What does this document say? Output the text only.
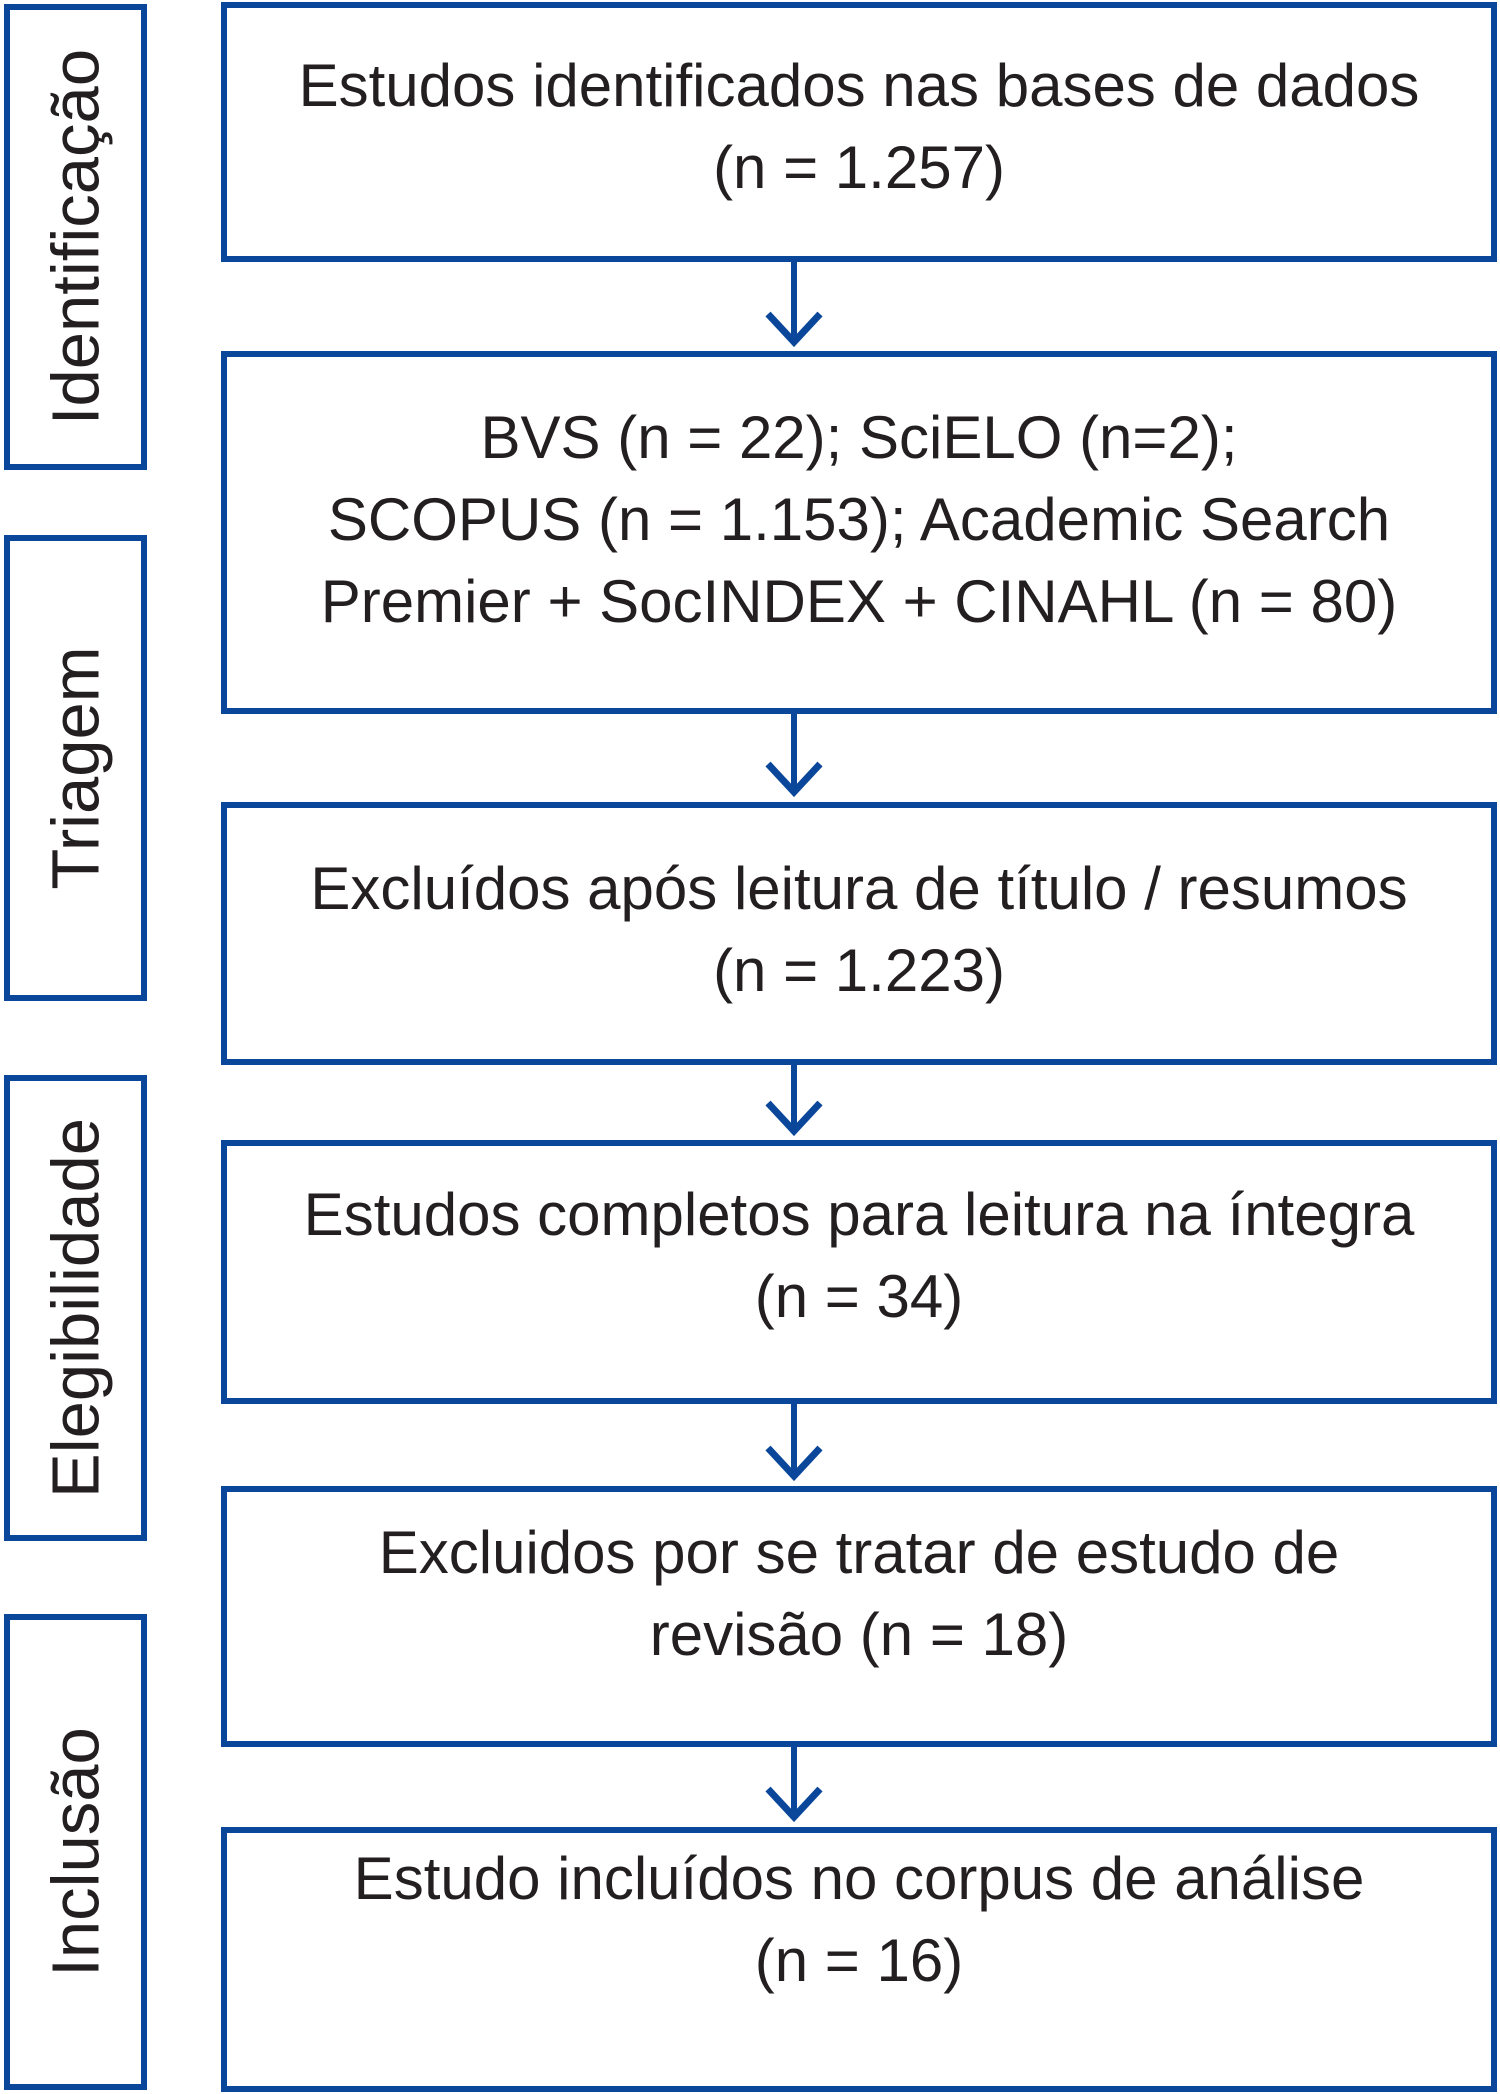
Identificação
Triagem
Elegibilidade
Inclusão
Estudos identificados nas bases de dados
(n = 1.257)
BVS (n = 22); SciELO (n=2);
SCOPUS (n = 1.153); Academic Search
Premier + SocINDEX + CINAHL (n = 80)
Excluídos após leitura de título / resumos
(n = 1.223)
Estudos completos para leitura na íntegra
(n = 34)
Excluidos por se tratar de estudo de
revisão (n = 18)
Estudo incluídos no corpus de análise
(n = 16)
